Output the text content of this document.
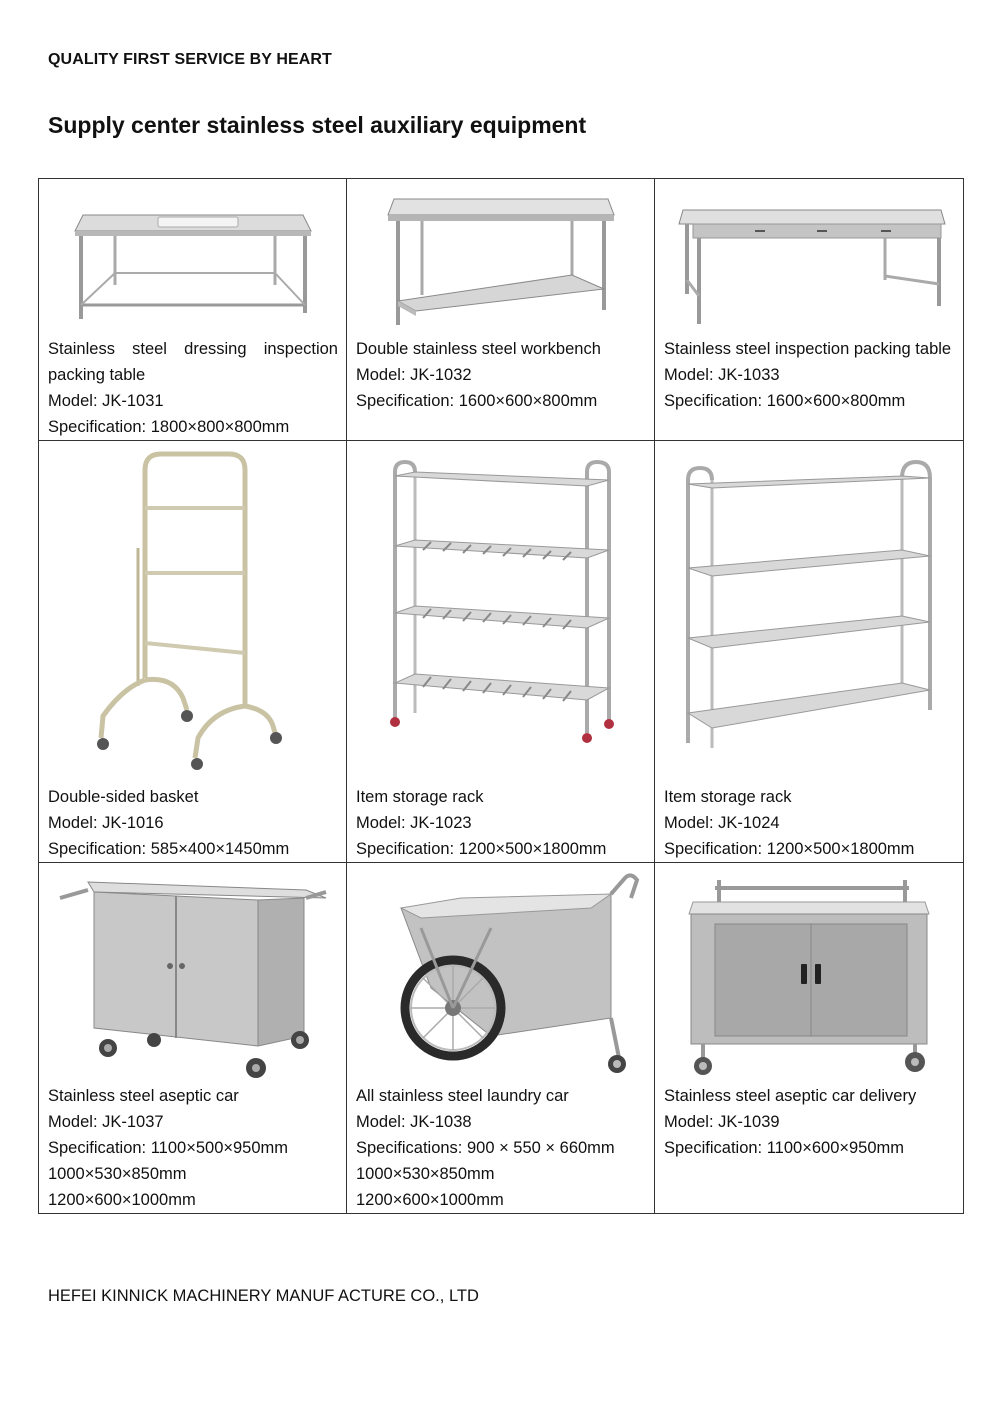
QUALITY FIRST SERVICE BY HEART
Supply center stainless steel auxiliary equipment
Stainless steel dressing inspection packing table
Model: JK-1031
Specification: 1800×800×800mm	Double stainless steel workbench
Model: JK-1032
Specification: 1600×600×800mm	Stainless steel inspection packing table
Model: JK-1033
Specification: 1600×600×800mm

Double-sided basket
Model: JK-1016
Specification: 585×400×1450mm	Item storage rack
Model: JK-1023
Specification: 1200×500×1800mm	Item storage rack
Model: JK-1024
Specification: 1200×500×1800mm

Stainless steel aseptic car
Model: JK-1037
Specification: 1100×500×950mm
1000×530×850mm
1200×600×1000mm	All stainless steel laundry car
Model: JK-1038
Specifications: 900 × 550 × 660mm
1000×530×850mm
1200×600×1000mm	Stainless steel aseptic car delivery
Model: JK-1039
Specification: 1100×600×950mm
HEFEI KINNICK MACHINERY MANUF ACTURE CO., LTD
